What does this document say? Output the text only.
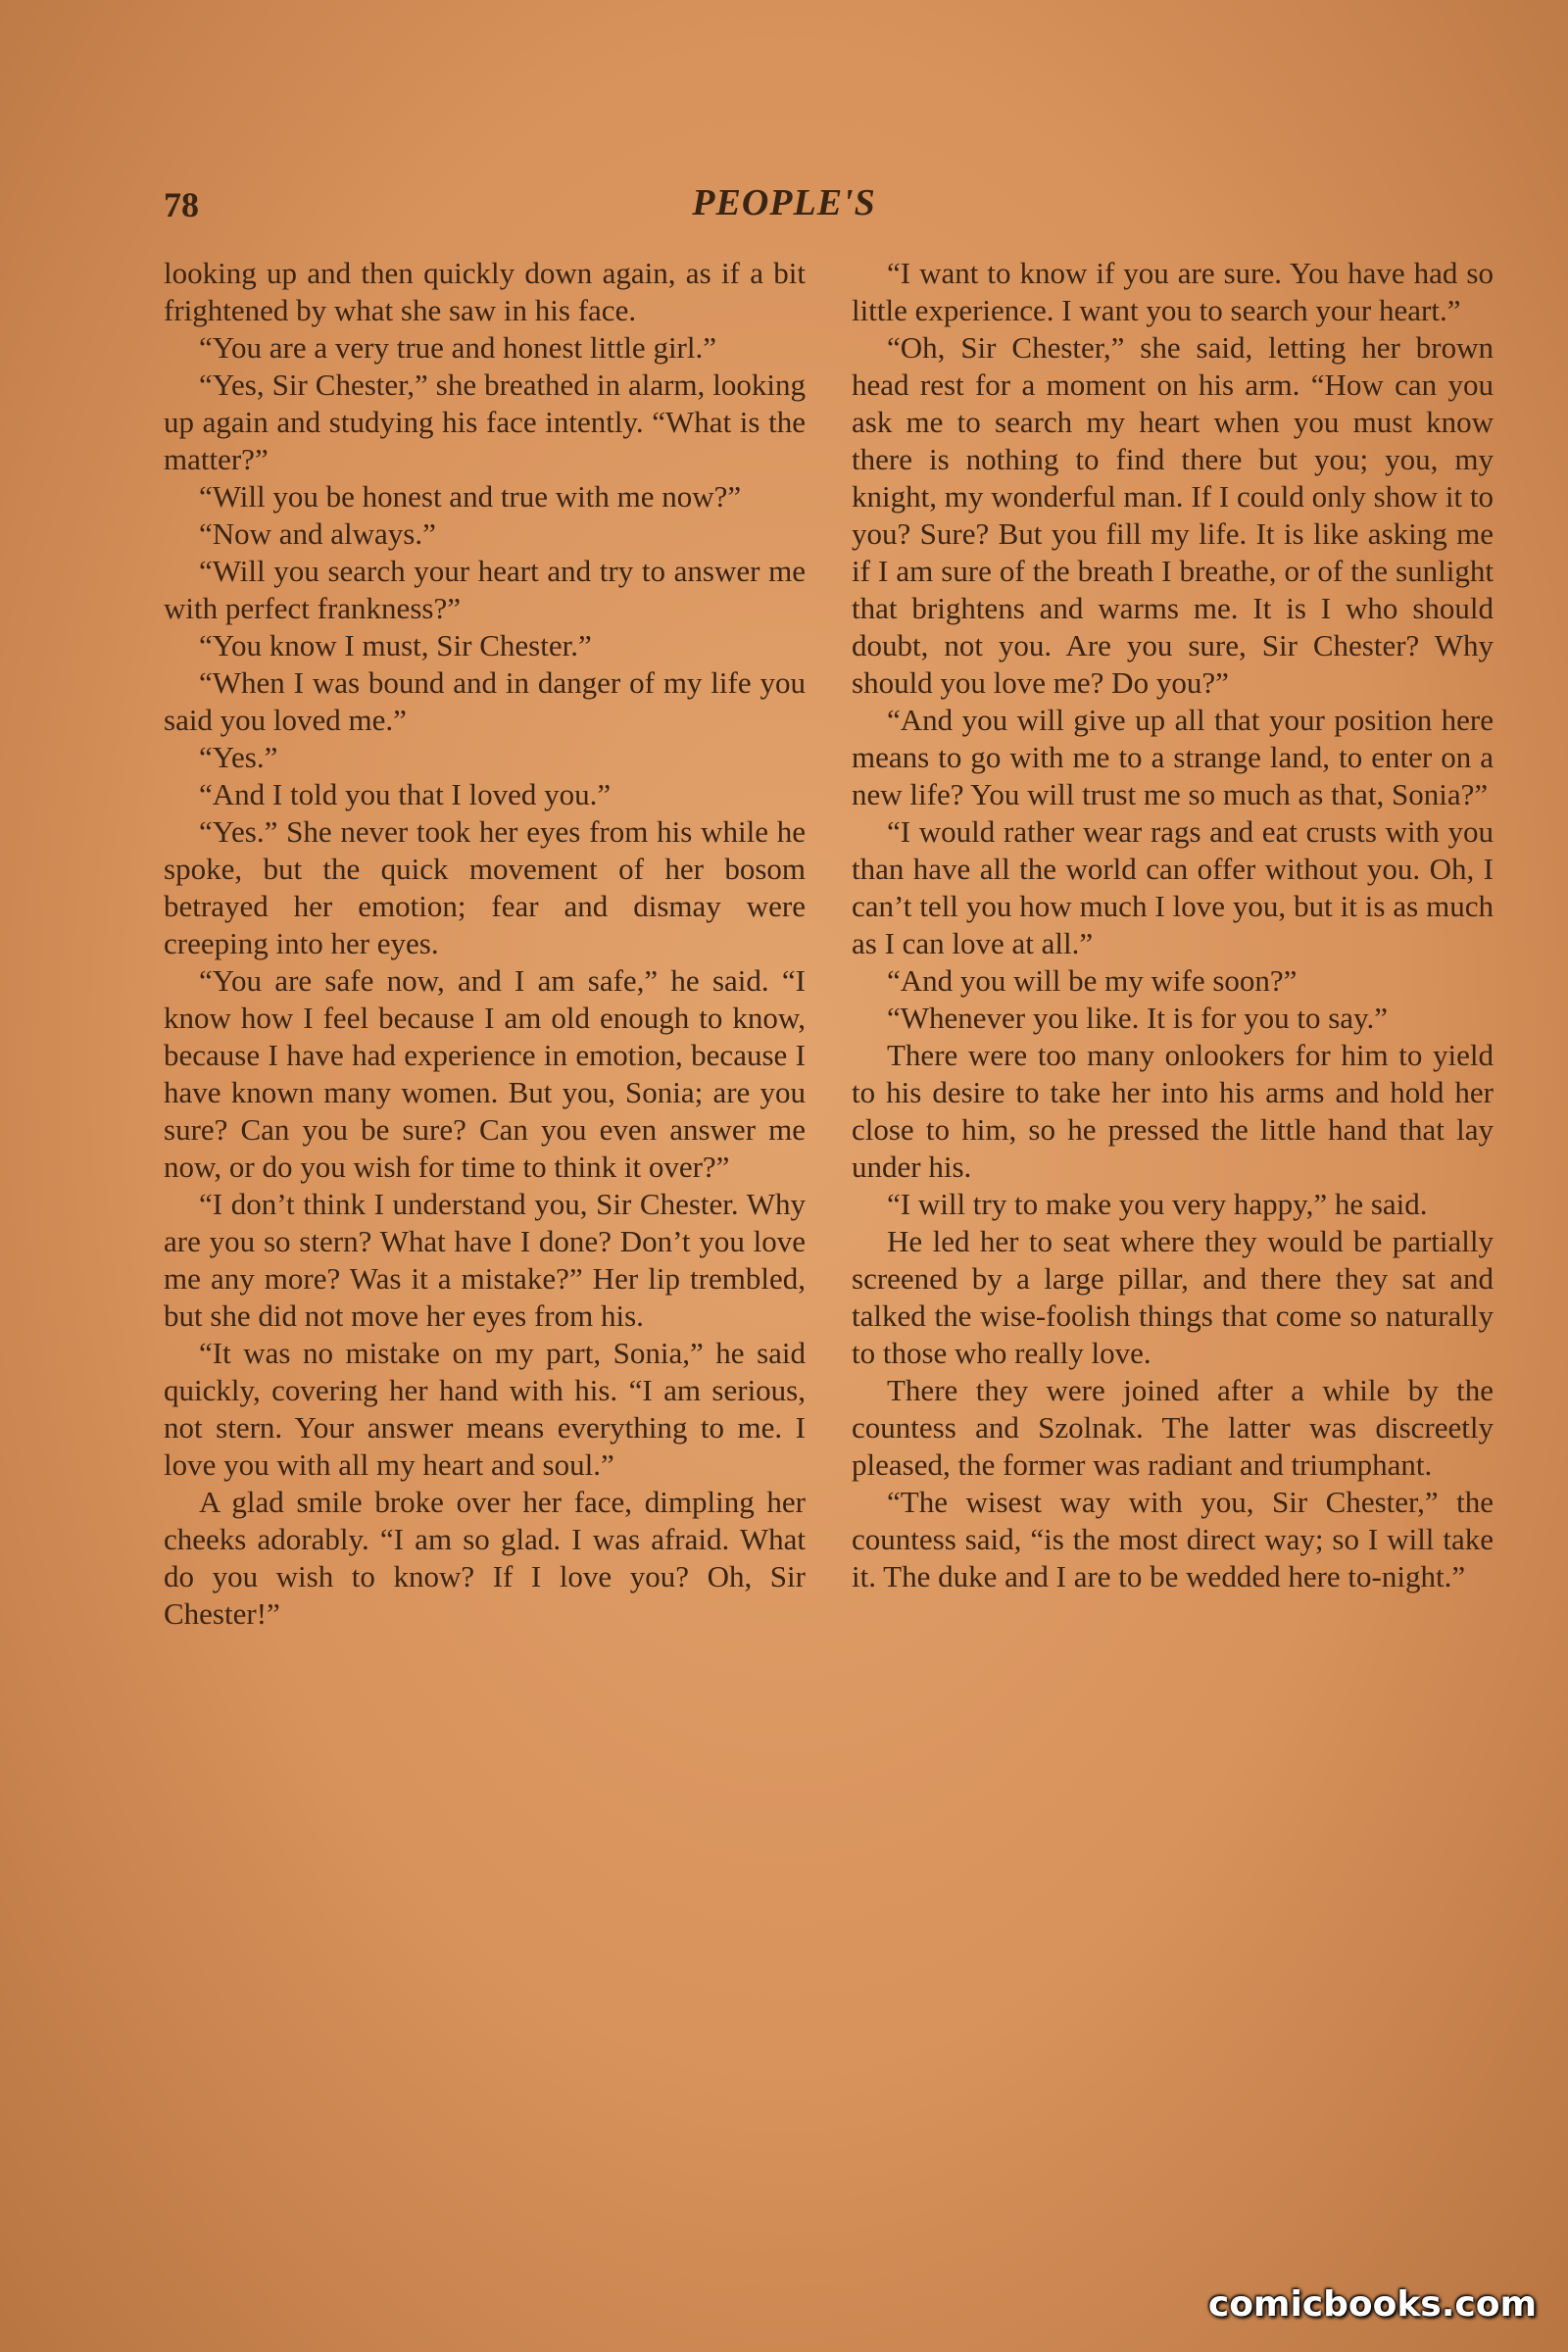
78	PEOPLE'S

looking up and then quickly down again, as if a bit frightened by what she saw in his face.

“You are a very true and honest little girl.”

“Yes, Sir Chester,” she breathed in alarm, looking up again and studying his face intently. “What is the matter?”

“Will you be honest and true with me now?”

“Now and always.”

“Will you search your heart and try to answer me with perfect frankness?”

“You know I must, Sir Chester.”

“When I was bound and in danger of my life you said you loved me.”

“Yes.”

“And I told you that I loved you.”

“Yes.” She never took her eyes from his while he spoke, but the quick movement of her bosom betrayed her emotion; fear and dismay were creeping into her eyes.

“You are safe now, and I am safe,” he said. “I know how I feel because I am old enough to know, because I have had experience in emotion, because I have known many women. But you, Sonia; are you sure? Can you be sure? Can you even answer me now, or do you wish for time to think it over?”

“I don’t think I understand you, Sir Chester. Why are you so stern? What have I done? Don’t you love me any more? Was it a mistake?” Her lip trembled, but she did not move her eyes from his.

“It was no mistake on my part, Sonia,” he said quickly, covering her hand with his. “I am serious, not stern. Your answer means everything to me. I love you with all my heart and soul.”

A glad smile broke over her face, dimpling her cheeks adorably. “I am so glad. I was afraid. What do you wish to know? If I love you? Oh, Sir Chester!”

“I want to know if you are sure. You have had so little experience. I want you to search your heart.”

“Oh, Sir Chester,” she said, letting her brown head rest for a moment on his arm. “How can you ask me to search my heart when you must know there is nothing to find there but you; you, my knight, my wonderful man. If I could only show it to you? Sure? But you fill my life. It is like asking me if I am sure of the breath I breathe, or of the sunlight that brightens and warms me. It is I who should doubt, not you. Are you sure, Sir Chester? Why should you love me? Do you?”

“And you will give up all that your position here means to go with me to a strange land, to enter on a new life? You will trust me so much as that, Sonia?”

“I would rather wear rags and eat crusts with you than have all the world can offer without you. Oh, I can’t tell you how much I love you, but it is as much as I can love at all.”

“And you will be my wife soon?”

“Whenever you like. It is for you to say.”

There were too many onlookers for him to yield to his desire to take her into his arms and hold her close to him, so he pressed the little hand that lay under his.

“I will try to make you very happy,” he said.

He led her to seat where they would be partially screened by a large pillar, and there they sat and talked the wise-foolish things that come so naturally to those who really love.

There they were joined after a while by the countess and Szolnak. The latter was discreetly pleased, the former was radiant and triumphant.

“The wisest way with you, Sir Chester,” the countess said, “is the most direct way; so I will take it. The duke and I are to be wedded here to-night.”

comicbooks.com
